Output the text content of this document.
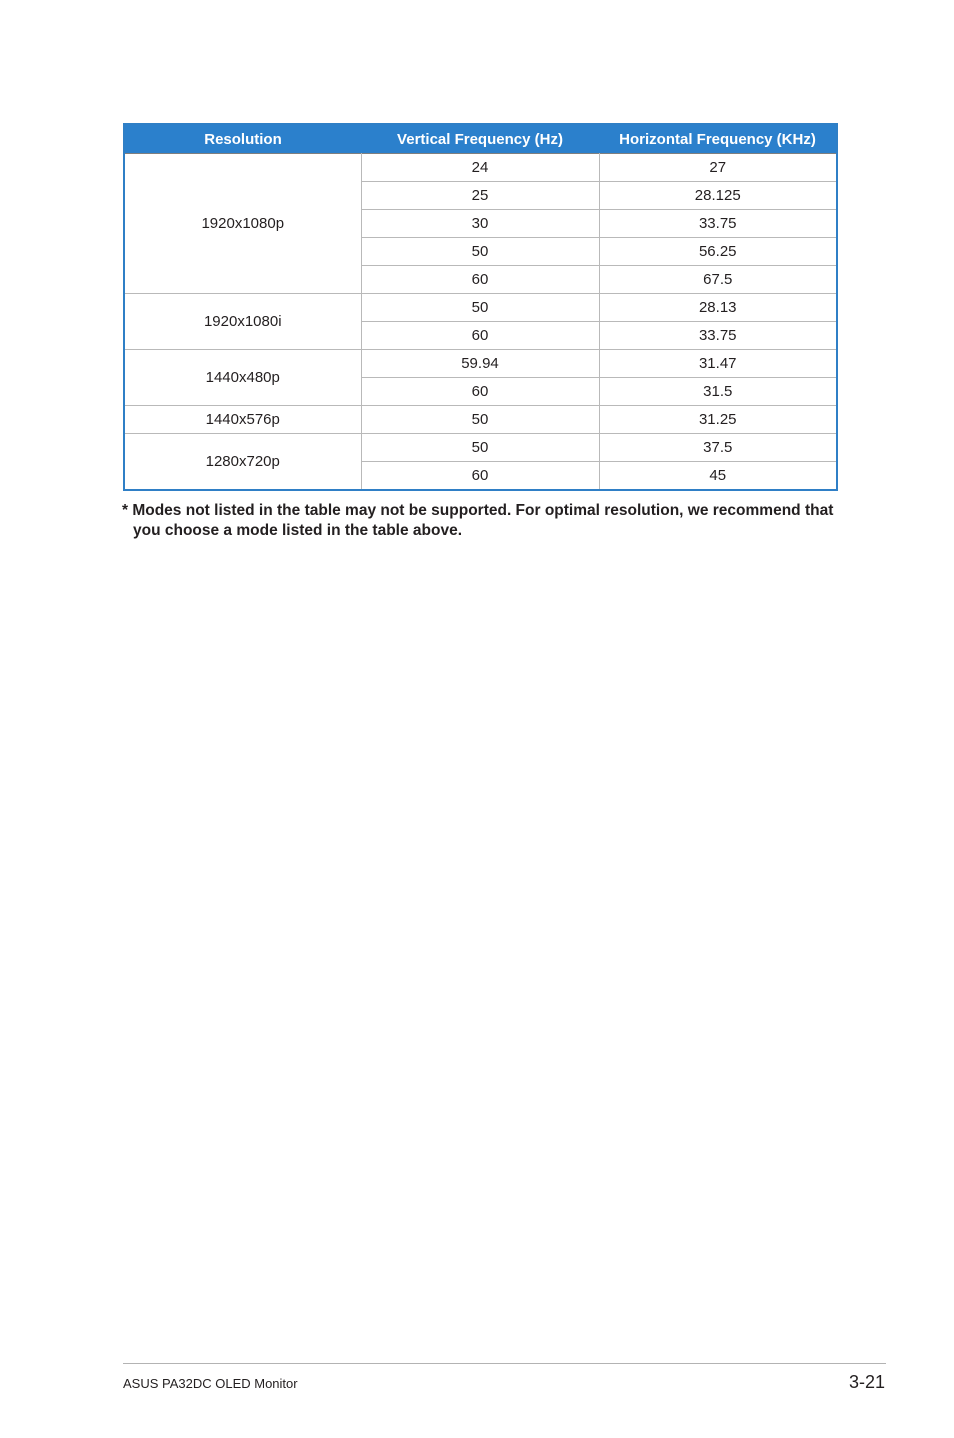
Resolution	Vertical Frequency (Hz)	Horizontal Frequency (KHz)
1920x1080p	24	27
	25	28.125
	30	33.75
	50	56.25
	60	67.5
1920x1080i	50	28.13
	60	33.75
1440x480p	59.94	31.47
	60	31.5
1440x576p	50	31.25
1280x720p	50	37.5
	60	45
* Modes not listed in the table may not be supported. For optimal resolution, we recommend that
you choose a mode listed in the table above.
ASUS PA32DC OLED Monitor	3-21
